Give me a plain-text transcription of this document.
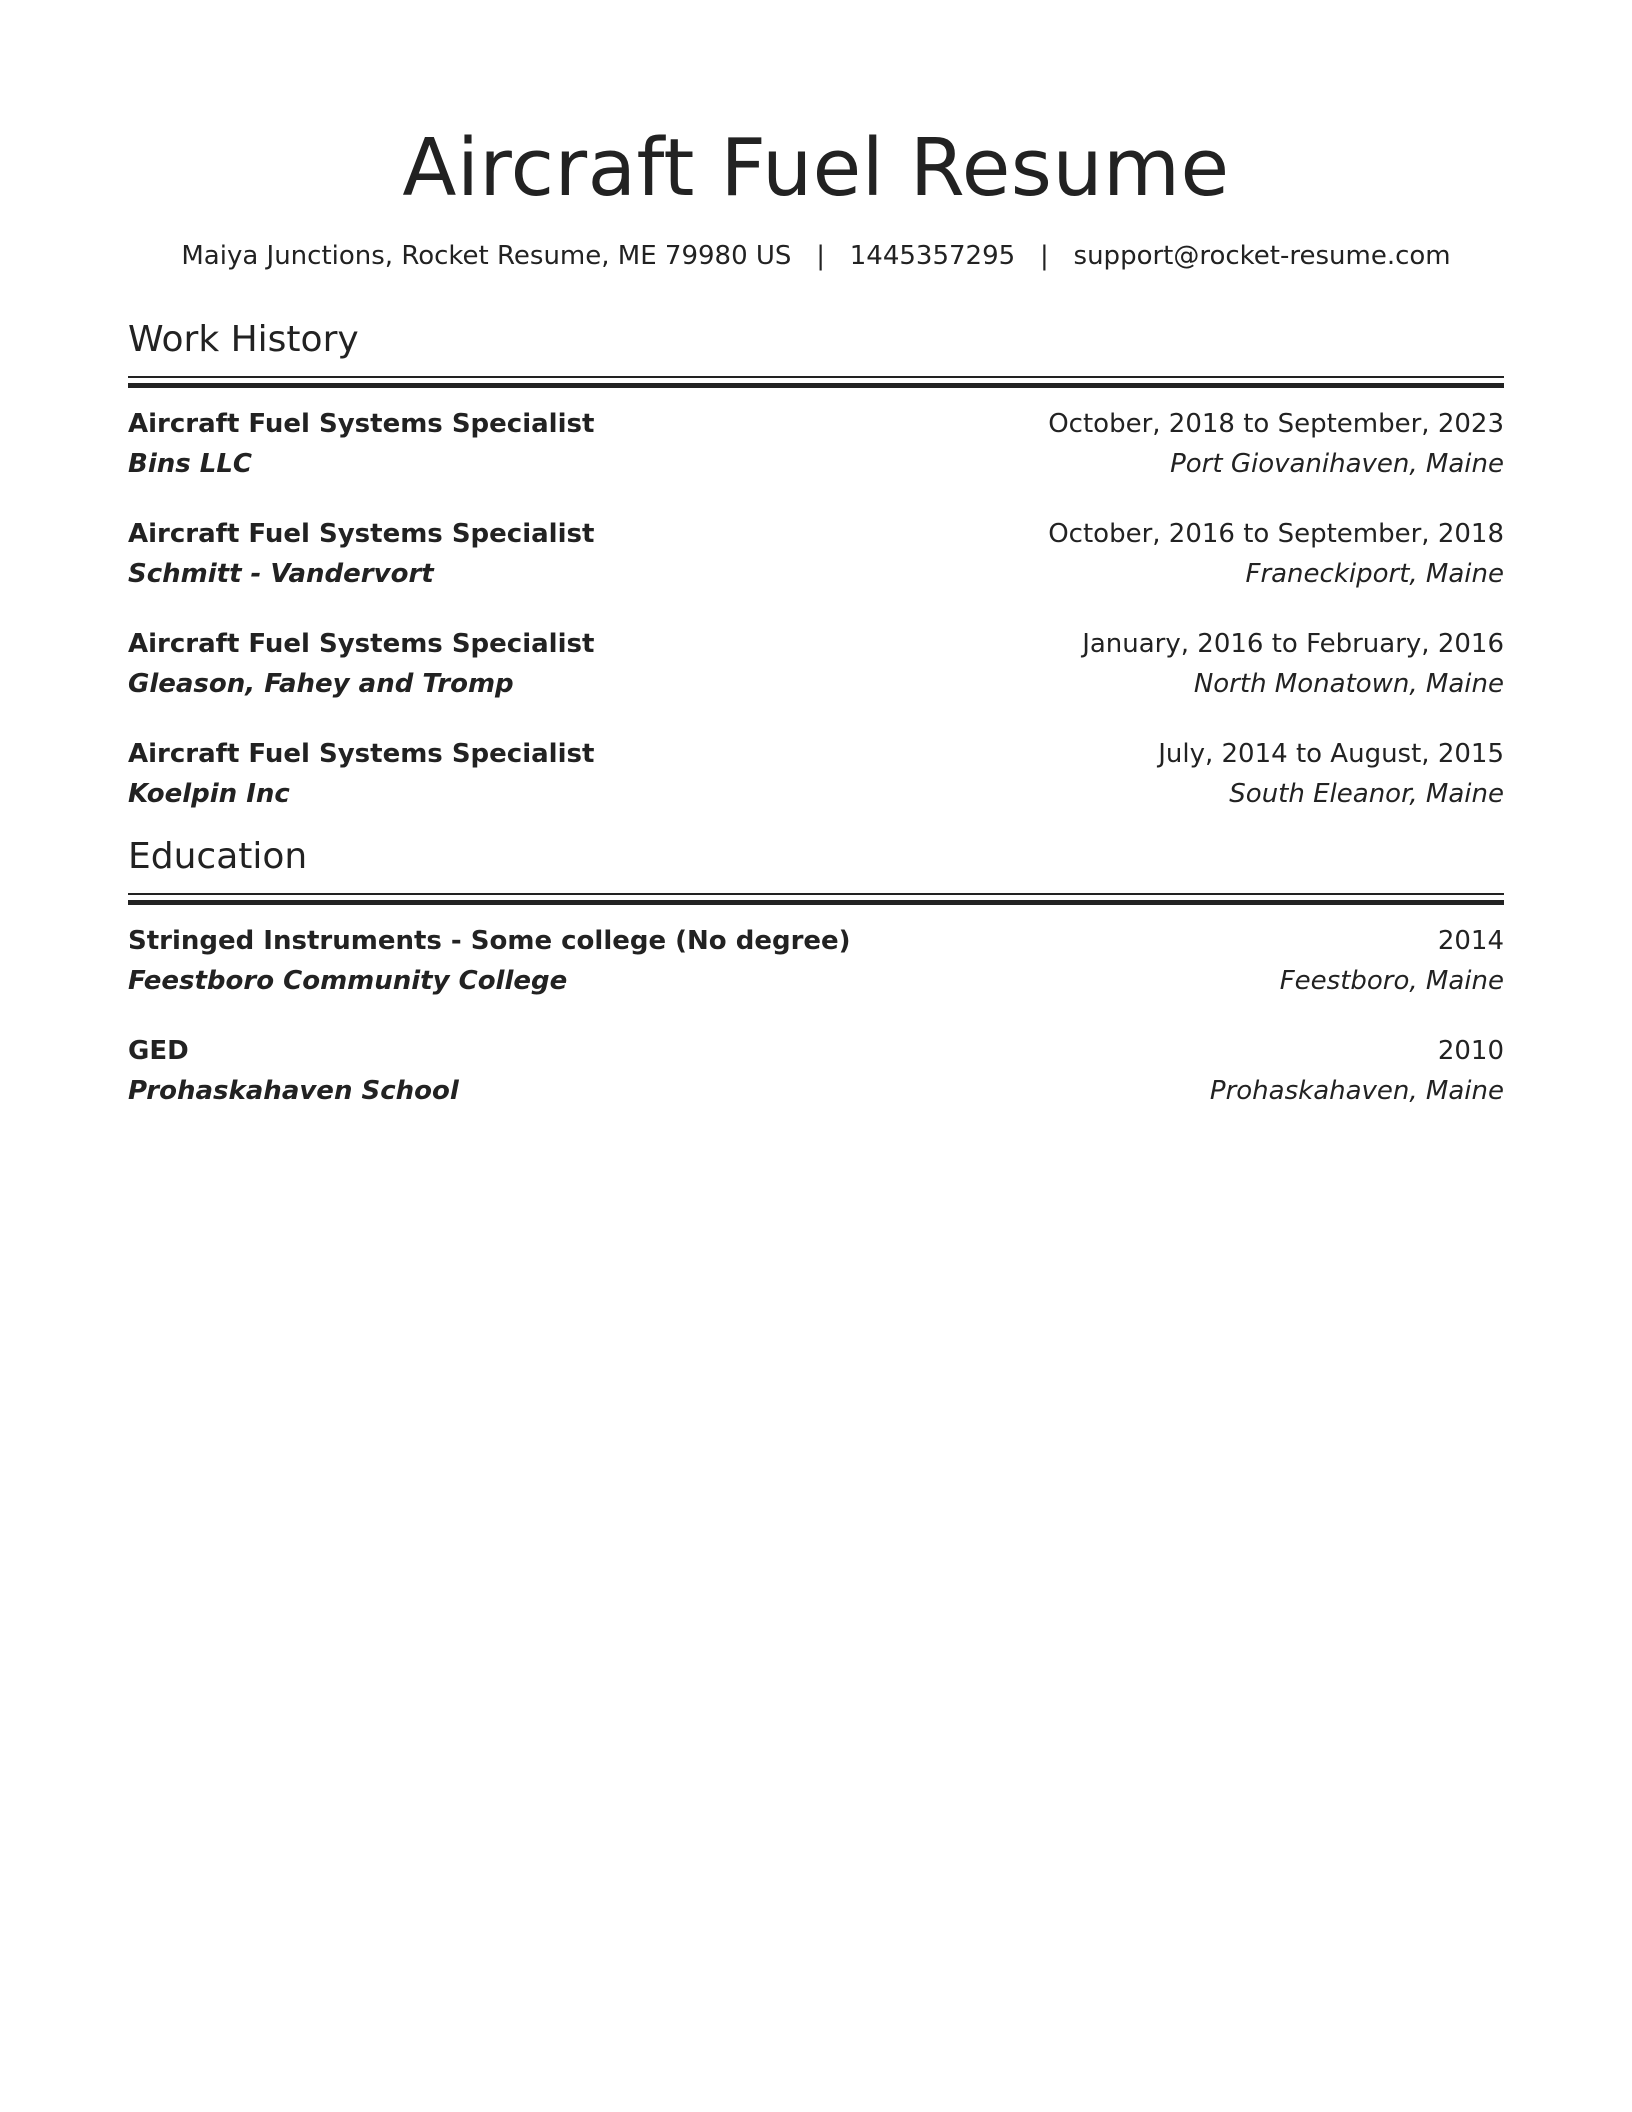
Aircraft Fuel Resume
Maiya Junctions, Rocket Resume, ME 79980 US   |   1445357295   |   support@rocket-resume.com
Work History
Aircraft Fuel Systems Specialist	October, 2018 to September, 2023
Bins LLC	Port Giovanihaven, Maine
Aircraft Fuel Systems Specialist	October, 2016 to September, 2018
Schmitt - Vandervort	Franeckiport, Maine
Aircraft Fuel Systems Specialist	January, 2016 to February, 2016
Gleason, Fahey and Tromp	North Monatown, Maine
Aircraft Fuel Systems Specialist	July, 2014 to August, 2015
Koelpin Inc	South Eleanor, Maine
Education
Stringed Instruments - Some college (No degree)	2014
Feestboro Community College	Feestboro, Maine
GED	2010
Prohaskahaven School	Prohaskahaven, Maine
